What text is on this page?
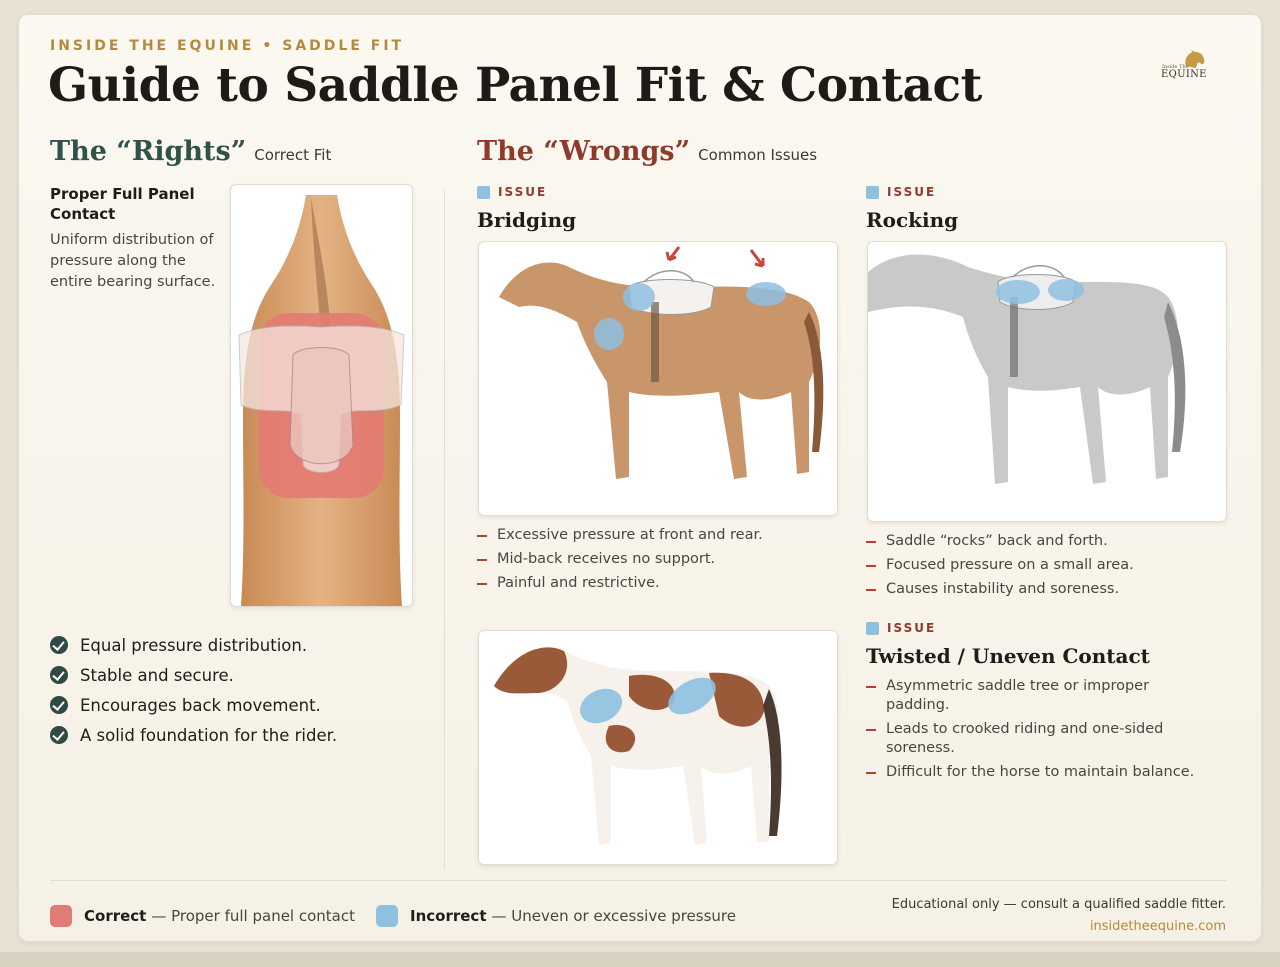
INSIDE THE EQUINE • SADDLE FIT
Guide to Saddle Panel Fit & Contact	Inside The
EQUINE
The “Rights” Correct Fit
Proper Full Panel Contact
Uniform distribution of pressure along the entire bearing surface.
Equal pressure distribution.
Stable and secure.
Encourages back movement.
A solid foundation for the rider.
The “Wrongs” Common Issues
ISSUE
Bridging
Excessive pressure at front and rear.
Mid-back receives no support.
Painful and restrictive.
ISSUE
Rocking
Saddle “rocks” back and forth.
Focused pressure on a small area.
Causes instability and soreness.
ISSUE
Twisted / Uneven Contact
Asymmetric saddle tree or improper padding.
Leads to crooked riding and one-sided soreness.
Difficult for the horse to maintain balance.
Correct — Proper full panel contact	Incorrect — Uneven or excessive pressure
Educational only — consult a qualified saddle fitter.
insidetheequine.com
